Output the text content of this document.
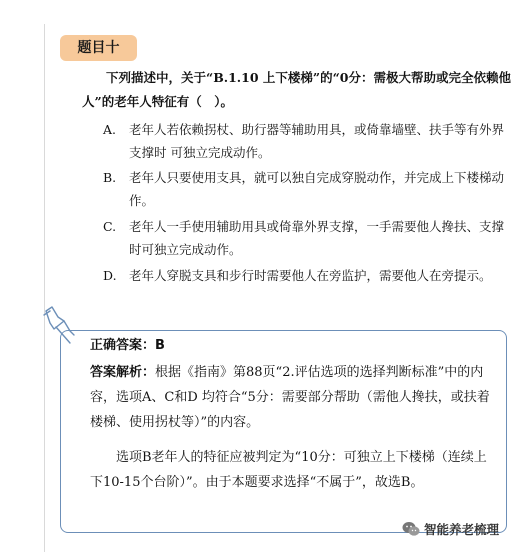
题目十
下列描述中，关于“B.1.10 上下楼梯”的“0分：需极大帮助或完全依赖他人”的老年人特征有（　）。
A.	老年人若依赖拐杖、助行器等辅助用具，或倚靠墙壁、扶手等有外界支撑时 可独立完成动作。
B.	老年人只要使用支具，就可以独自完成穿脱动作，并完成上下楼梯动作。
C.	老年人一手使用辅助用具或倚靠外界支撑，一手需要他人搀扶、支撑时可独立完成动作。
D. 老年人穿脱支具和步行时需要他人在旁监护，需要他人在旁提示。
正确答案：B
答案解析：根据《指南》第88页“2.评估选项的选择判断标准”中的内容，选项A、C和D 均符合“5分：需要部分帮助（需他人搀扶，或扶着楼梯、使用拐杖等）”的内容。
选项B老年人的特征应被判定为“10分：可独立上下楼梯（连续上下10-15个台阶）”。由于本题要求选择“不属于”，故选B。
智能养老梳理
